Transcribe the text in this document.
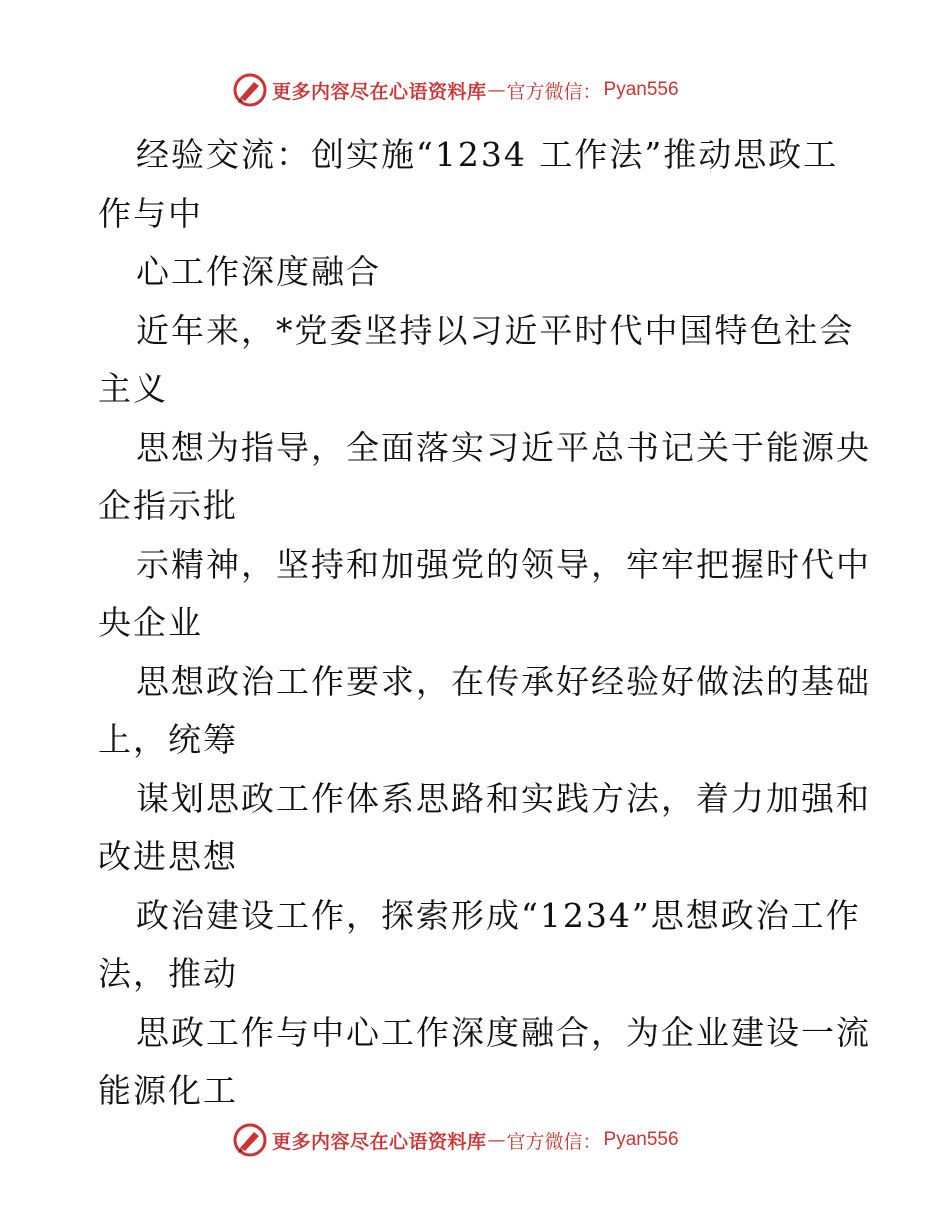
更多内容尽在心语资料库 — 官方微信： Pyan556
经验交流：创实施“1234 工作法”推动思政工
作与中
心工作深度融合
近年来，*党委坚持以习近平时代中国特色社会
主义
思想为指导，全面落实习近平总书记关于能源央
企指示批
示精神，坚持和加强党的领导，牢牢把握时代中
央企业
思想政治工作要求，在传承好经验好做法的基础
上，统筹
谋划思政工作体系思路和实践方法，着力加强和
改进思想
政治建设工作，探索形成“1234”思想政治工作
法，推动
思政工作与中心工作深度融合，为企业建设一流
能源化工
更多内容尽在心语资料库 — 官方微信： Pyan556
